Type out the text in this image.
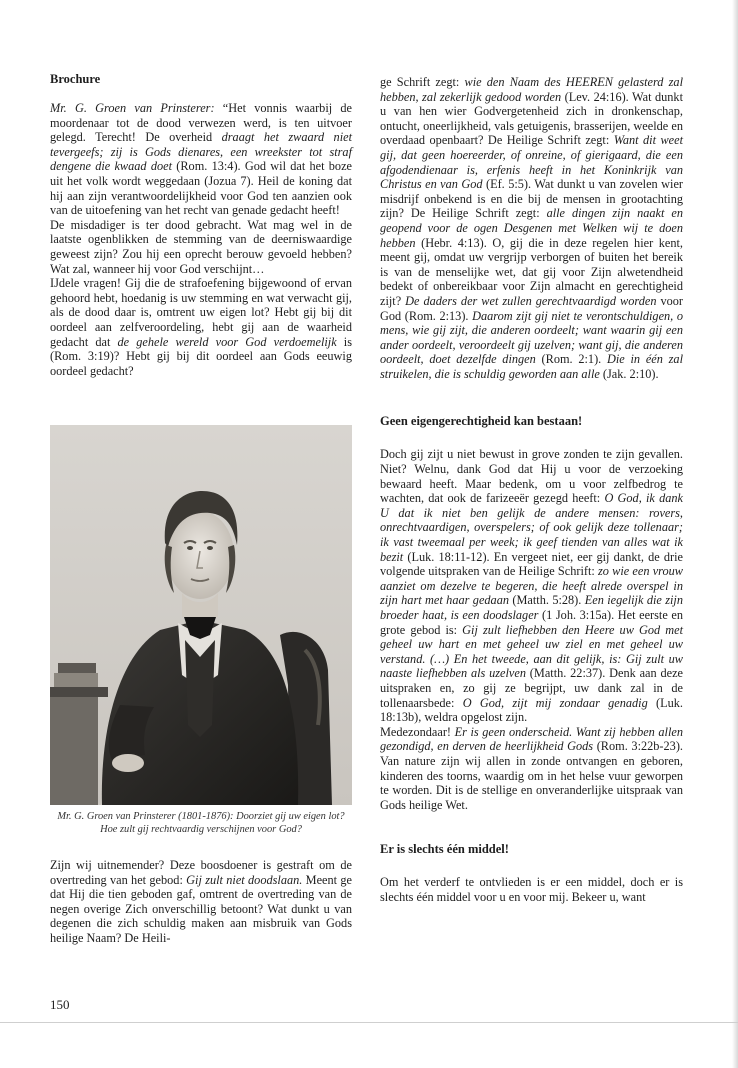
Brochure

Mr. G. Groen van Prinsterer: “Het vonnis waarbij de moordenaar tot de dood verwezen werd, is ten uitvoer gelegd. Terecht! De overheid draagt het zwaard niet tevergeefs; zij is Gods dienares, een wreekster tot straf dengene die kwaad doet (Rom. 13:4). God wil dat het boze uit het volk wordt weggedaan (Jozua 7). Heil de koning dat hij aan zijn verantwoordelijkheid voor God ten aanzien ook van de uitoefening van het recht van genade gedacht heeft!

De misdadiger is ter dood gebracht. Wat mag wel in de laatste ogenblikken de stemming van de deerniswaardige geweest zijn? Zou hij een oprecht berouw gevoeld hebben? Wat zal, wanneer hij voor God verschijnt…

IJdele vragen! Gij die de strafoefening bijgewoond of ervan gehoord hebt, hoedanig is uw stemming en wat verwacht gij, als de dood daar is, omtrent uw eigen lot? Hebt gij bij dit oordeel aan zelfveroordeling, hebt gij aan de waarheid gedacht dat de gehele wereld voor God verdoemelijk is (Rom. 3:19)? Hebt gij bij dit oordeel aan Gods eeuwig oordeel gedacht?

Mr. G. Groen van Prinsterer (1801-1876): Doorziet gij uw eigen lot? Hoe zult gij rechtvaardig verschijnen voor God?

Zijn wij uitnemender? Deze boosdoener is gestraft om de overtreding van het gebod: Gij zult niet doodslaan. Meent ge dat Hij die tien geboden gaf, omtrent de overtreding van de negen overige Zich onverschillig betoont? Wat dunkt u van degenen die zich schuldig maken aan misbruik van Gods heilige Naam? De Heili-

150

ge Schrift zegt: wie den Naam des HEEREN gelasterd zal hebben, zal zekerlijk gedood worden (Lev. 24:16). Wat dunkt u van hen wier Godvergetenheid zich in dronkenschap, ontucht, oneerlijkheid, vals getuigenis, brasserijen, weelde en overdaad openbaart? De Heilige Schrift zegt: Want dit weet gij, dat geen hoereerder, of onreine, of gierigaard, die een afgodendienaar is, erfenis heeft in het Koninkrijk van Christus en van God (Ef. 5:5). Wat dunkt u van zovelen wier misdrijf onbekend is en die bij de mensen in grootachting zijn? De Heilige Schrift zegt: alle dingen zijn naakt en geopend voor de ogen Desgenen met Welken wij te doen hebben (Hebr. 4:13). O, gij die in deze regelen hier kent, meent gij, omdat uw vergrijp verborgen of buiten het bereik is van de menselijke wet, dat gij voor Zijn alwetendheid bedekt of onbereikbaar voor Zijn almacht en gerechtigheid zijt? De daders der wet zullen gerechtvaardigd worden voor God (Rom. 2:13). Daarom zijt gij niet te verontschuldigen, o mens, wie gij zijt, die anderen oordeelt; want waarin gij een ander oordeelt, veroordeelt gij uzelven; want gij, die anderen oordeelt, doet dezelfde dingen (Rom. 2:1). Die in één zal struikelen, die is schuldig geworden aan alle (Jak. 2:10).

Geen eigengerechtigheid kan bestaan!

Doch gij zijt u niet bewust in grove zonden te zijn gevallen. Niet? Welnu, dank God dat Hij u voor de verzoeking bewaard heeft. Maar bedenk, om u voor zelfbedrog te wachten, dat ook de farizeeër gezegd heeft: O God, ik dank U dat ik niet ben gelijk de andere mensen: rovers, onrechtvaardigen, overspelers; of ook gelijk deze tollenaar; ik vast tweemaal per week; ik geef tienden van alles wat ik bezit (Luk. 18:11-12). En vergeet niet, eer gij dankt, de drie volgende uitspraken van de Heilige Schrift: zo wie een vrouw aanziet om dezelve te begeren, die heeft alrede overspel in zijn hart met haar gedaan (Matth. 5:28). Een iegelijk die zijn broeder haat, is een doodslager (1 Joh. 3:15a). Het eerste en grote gebod is: Gij zult liefhebben den Heere uw God met geheel uw hart en met geheel uw ziel en met geheel uw verstand. (…) En het tweede, aan dit gelijk, is: Gij zult uw naaste liefhebben als uzelven (Matth. 22:37). Denk aan deze uitspraken en, zo gij ze begrijpt, uw dank zal in de tollenaarsbede: O God, zijt mij zondaar genadig (Luk. 18:13b), weldra opgelost zijn.

Medezondaar! Er is geen onderscheid. Want zij hebben allen gezondigd, en derven de heerlijkheid Gods (Rom. 3:22b-23). Van nature zijn wij allen in zonde ontvangen en geboren, kinderen des toorns, waardig om in het helse vuur geworpen te worden. Dit is de stellige en onveranderlijke uitspraak van Gods heilige Wet.

Er is slechts één middel!

Om het verderf te ontvlieden is er een middel, doch er is slechts één middel voor u en voor mij. Bekeer u, want
